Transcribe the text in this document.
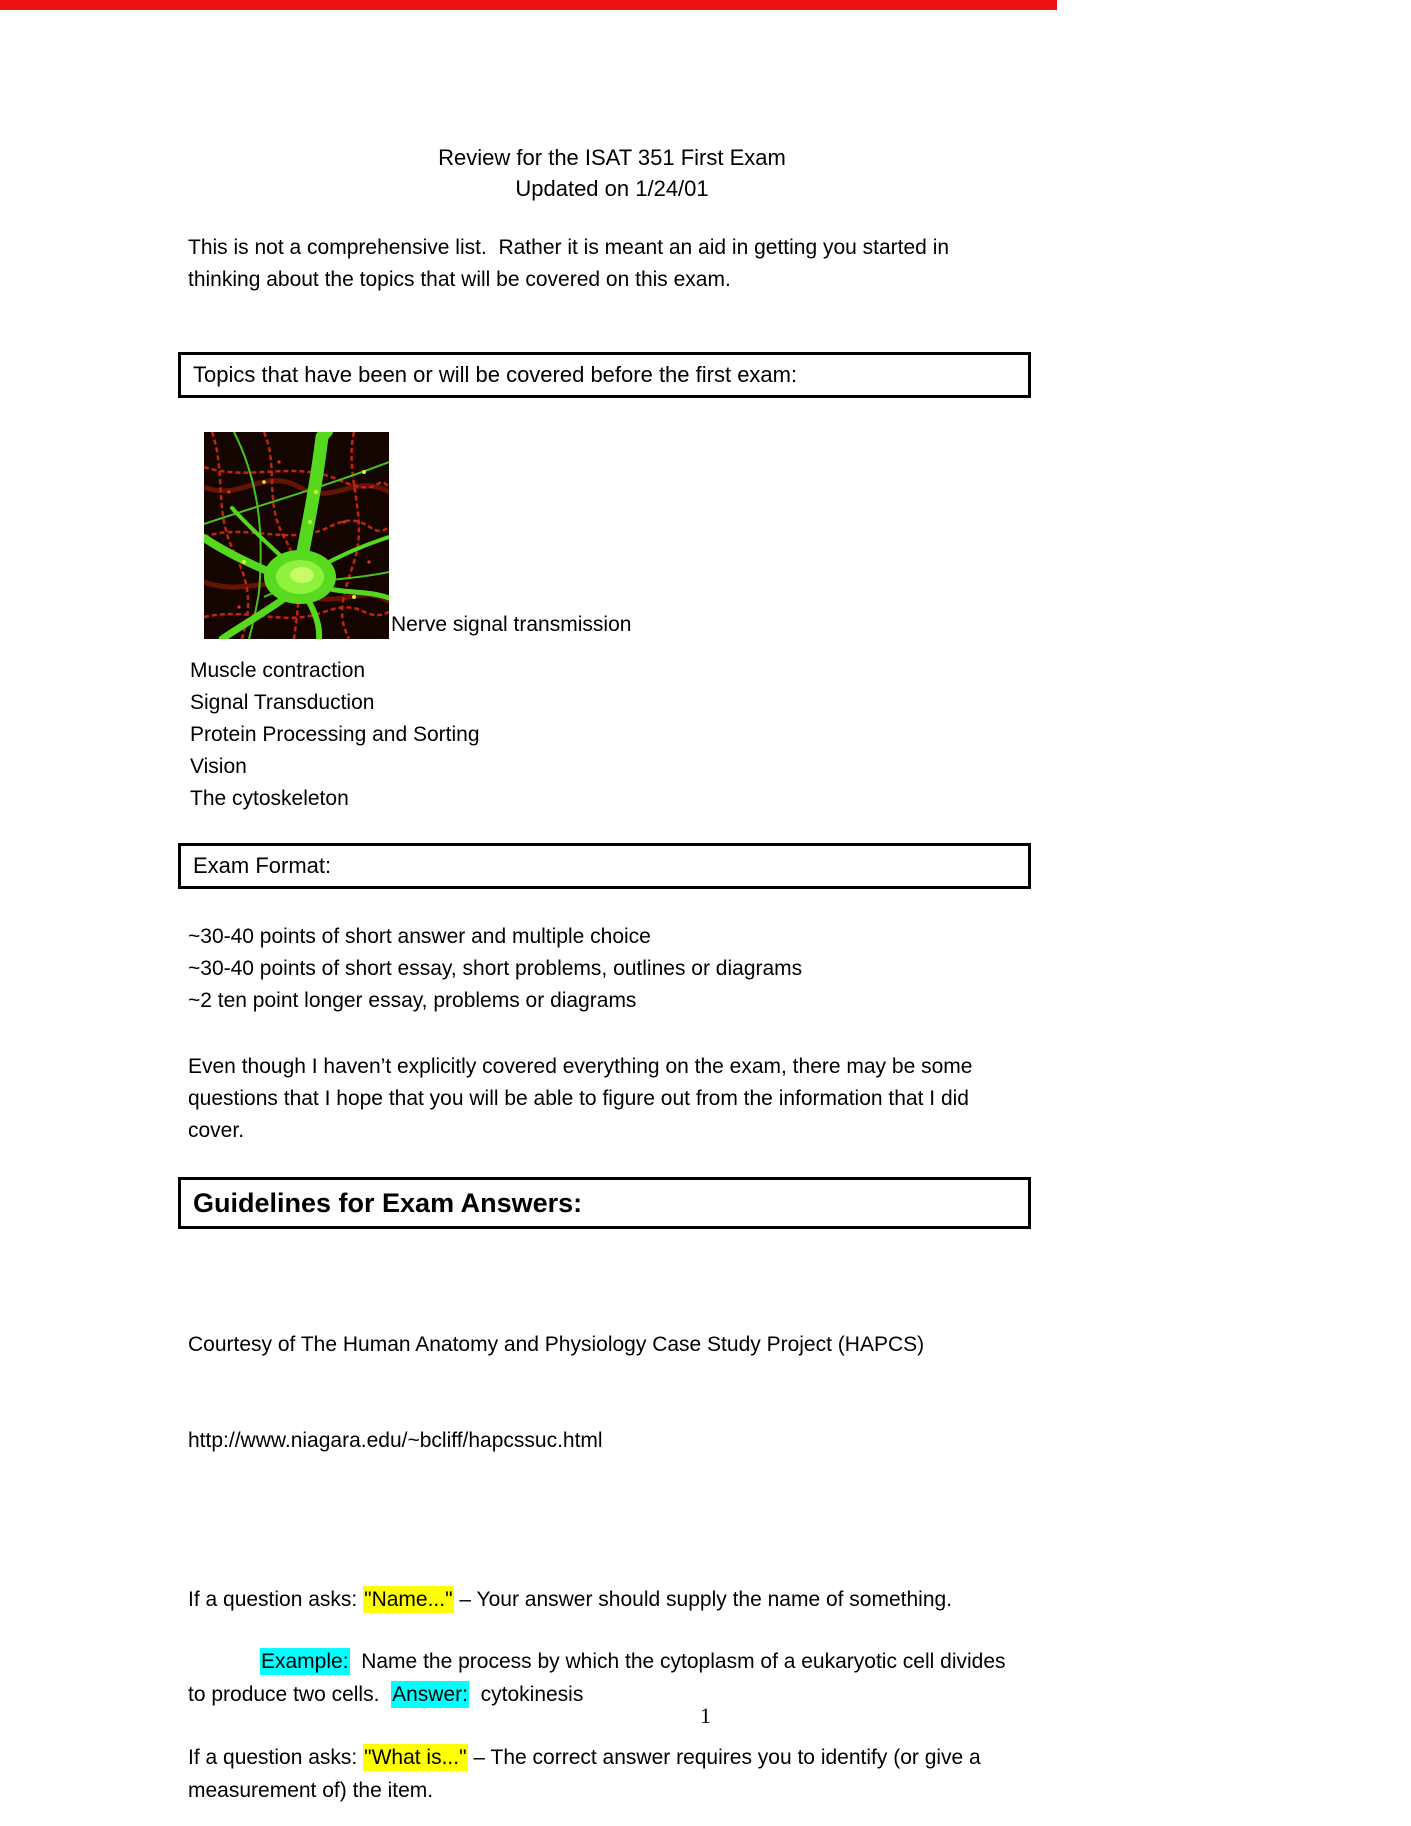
Review for the ISAT 351 First Exam
Updated on 1/24/01

This is not a comprehensive list.  Rather it is meant an aid in getting you started in thinking about the topics that will be covered on this exam.

Topics that have been or will be covered before the first exam:
Nerve signal transmission
Muscle contraction
Signal Transduction
Protein Processing and Sorting
Vision
The cytoskeleton
Exam Format:
~30-40 points of short answer and multiple choice
~30-40 points of short essay, short problems, outlines or diagrams
~2 ten point longer essay, problems or diagrams

Even though I haven’t explicitly covered everything on the exam, there may be some questions that I hope that you will be able to figure out from the information that I did cover.

Guidelines for Exam Answers:

Courtesy of The Human Anatomy and Physiology Case Study Project (HAPCS)

http://www.niagara.edu/~bcliff/hapcssuc.html

If a question asks: "Name..." – Your answer should supply the name of something.

Example:  Name the process by which the cytoplasm of a eukaryotic cell divides to produce two cells.  Answer:  cytokinesis

If a question asks: "What is..." – The correct answer requires you to identify (or give a measurement of) the item.

1
